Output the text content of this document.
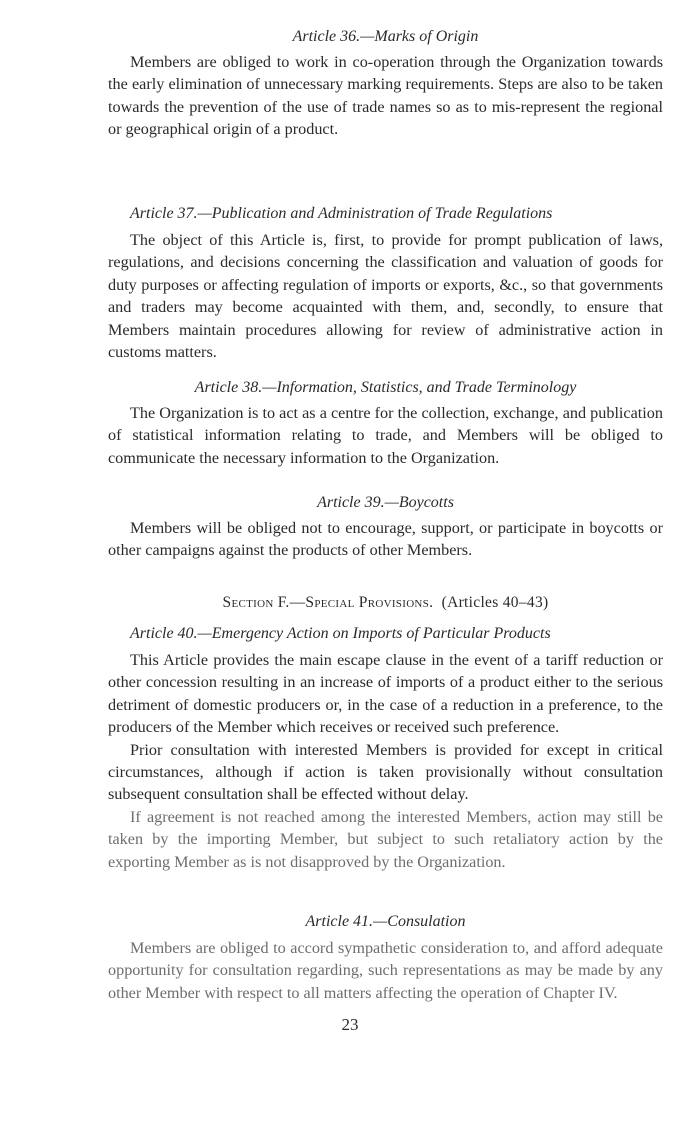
Article 36.—Marks of Origin

Members are obliged to work in co-operation through the Organization towards the early elimination of unnecessary marking requirements. Steps are also to be taken towards the prevention of the use of trade names so as to mis-represent the regional or geographical origin of a product.

Article 37.—Publication and Administration of Trade Regulations

The object of this Article is, first, to provide for prompt publication of laws, regulations, and decisions concerning the classification and valuation of goods for duty purposes or affecting regulation of imports or exports, &c., so that governments and traders may become acquainted with them, and, secondly, to ensure that Members maintain procedures allowing for review of administrative action in customs matters.

Article 38.—Information, Statistics, and Trade Terminology

The Organization is to act as a centre for the collection, exchange, and publication of statistical information relating to trade, and Members will be obliged to communicate the necessary information to the Organization.

Article 39.—Boycotts

Members will be obliged not to encourage, support, or participate in boycotts or other campaigns against the products of other Members.

Section F.—Special Provisions. (Articles 40–43)
Article 40.—Emergency Action on Imports of Particular Products

This Article provides the main escape clause in the event of a tariff reduction or other concession resulting in an increase of imports of a product either to the serious detriment of domestic producers or, in the case of a reduction in a preference, to the producers of the Member which receives or received such preference.

Prior consultation with interested Members is provided for except in critical circumstances, although if action is taken provisionally without consultation subsequent consultation shall be effected without delay.

If agreement is not reached among the interested Members, action may still be taken by the importing Member, but subject to such retaliatory action by the exporting Member as is not disapproved by the Organization.

Article 41.—Consulation

Members are obliged to accord sympathetic consideration to, and afford adequate opportunity for consultation regarding, such representations as may be made by any other Member with respect to all matters affecting the operation of Chapter IV.

23
